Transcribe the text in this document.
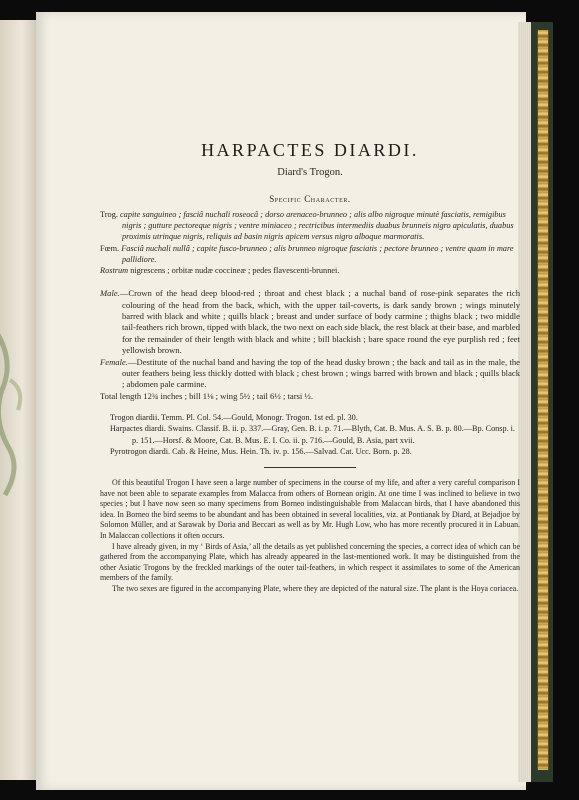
HARPACTES DIARDI.
Diard's Trogon.
Specific Character.

Trog. capite sanguineo ; fasciâ nuchali roseocâ ; dorso arenaceo-brunneo ; alis albo nigroque minutè fasciatis, remigibus nigris ; gutture pectoreque nigris ; ventre miniaceo ; rectricibus intermediis duabus brunneis nigro apiculatis, duabus proximis utrinque nigris, reliquis ad basin nigris apicem versus nigro alboque marmoratis.

Fœm. Fasciâ nuchali nullâ ; capite fusco-brunneo ; alis brunneo nigroque fasciatis ; pectore brunneo ; ventre quam in mare pallidiore.

Rostrum nigrescens ; orbitæ nudæ coccineæ ; pedes flavescenti-brunnei.

Male.—Crown of the head deep blood-red ; throat and chest black ; a nuchal band of rose-pink separates the rich colouring of the head from the back, which, with the upper tail-coverts, is dark sandy brown ; wings minutely barred with black and white ; quills black ; breast and under surface of body carmine ; thighs black ; two middle tail-feathers rich brown, tipped with black, the two next on each side black, the rest black at their base, and marbled for the remainder of their length with black and white ; bill blackish ; bare space round the eye purplish red ; feet yellowish brown.

Female.—Destitute of the nuchal band and having the top of the head dusky brown ; the back and tail as in the male, the outer feathers being less thickly dotted with black ; chest brown ; wings barred with brown and black ; quills black ; abdomen pale carmine.

Total length 12¾ inches ; bill 1⅛ ; wing 5½ ; tail 6½ ; tarsi ½.

Trogon diardii. Temm. Pl. Col. 54.—Gould, Monogr. Trogon. 1st ed. pl. 30.

Harpactes diardi. Swains. Classif. B. ii. p. 337.—Gray, Gen. B. i. p. 71.—Blyth, Cat. B. Mus. A. S. B. p. 80.—Bp. Consp. i. p. 151.—Horsf. & Moore, Cat. B. Mus. E. I. Co. ii. p. 716.—Gould, B. Asia, part xvii.

Pyrotrogon diardi. Cab. & Heine, Mus. Hein. Th. iv. p. 156.—Salvad. Cat. Ucc. Born. p. 28.

Of this beautiful Trogon I have seen a large number of specimens in the course of my life, and after a very careful comparison I have not been able to separate examples from Malacca from others of Bornean origin. At one time I was inclined to believe in two species ; but I have now seen so many specimens from Borneo indistinguishable from Malaccan birds, that I have abandoned this idea. In Borneo the bird seems to be abundant and has been obtained in several localities, viz. at Pontianak by Diard, at Bejadjoe by Solomon Müller, and at Sarawak by Doria and Beccari as well as by Mr. Hugh Low, who has more recently procured it in Labuan. In Malaccan collections it often occurs.

I have already given, in my ‘ Birds of Asia,’ all the details as yet published concerning the species, a correct idea of which can be gathered from the accompanying Plate, which has already appeared in the last-mentioned work. It may be distinguished from the other Asiatic Trogons by the freckled markings of the outer tail-feathers, in which respect it assimilates to some of the American members of the family.

The two sexes are figured in the accompanying Plate, where they are depicted of the natural size. The plant is the Hoya coriacea.
